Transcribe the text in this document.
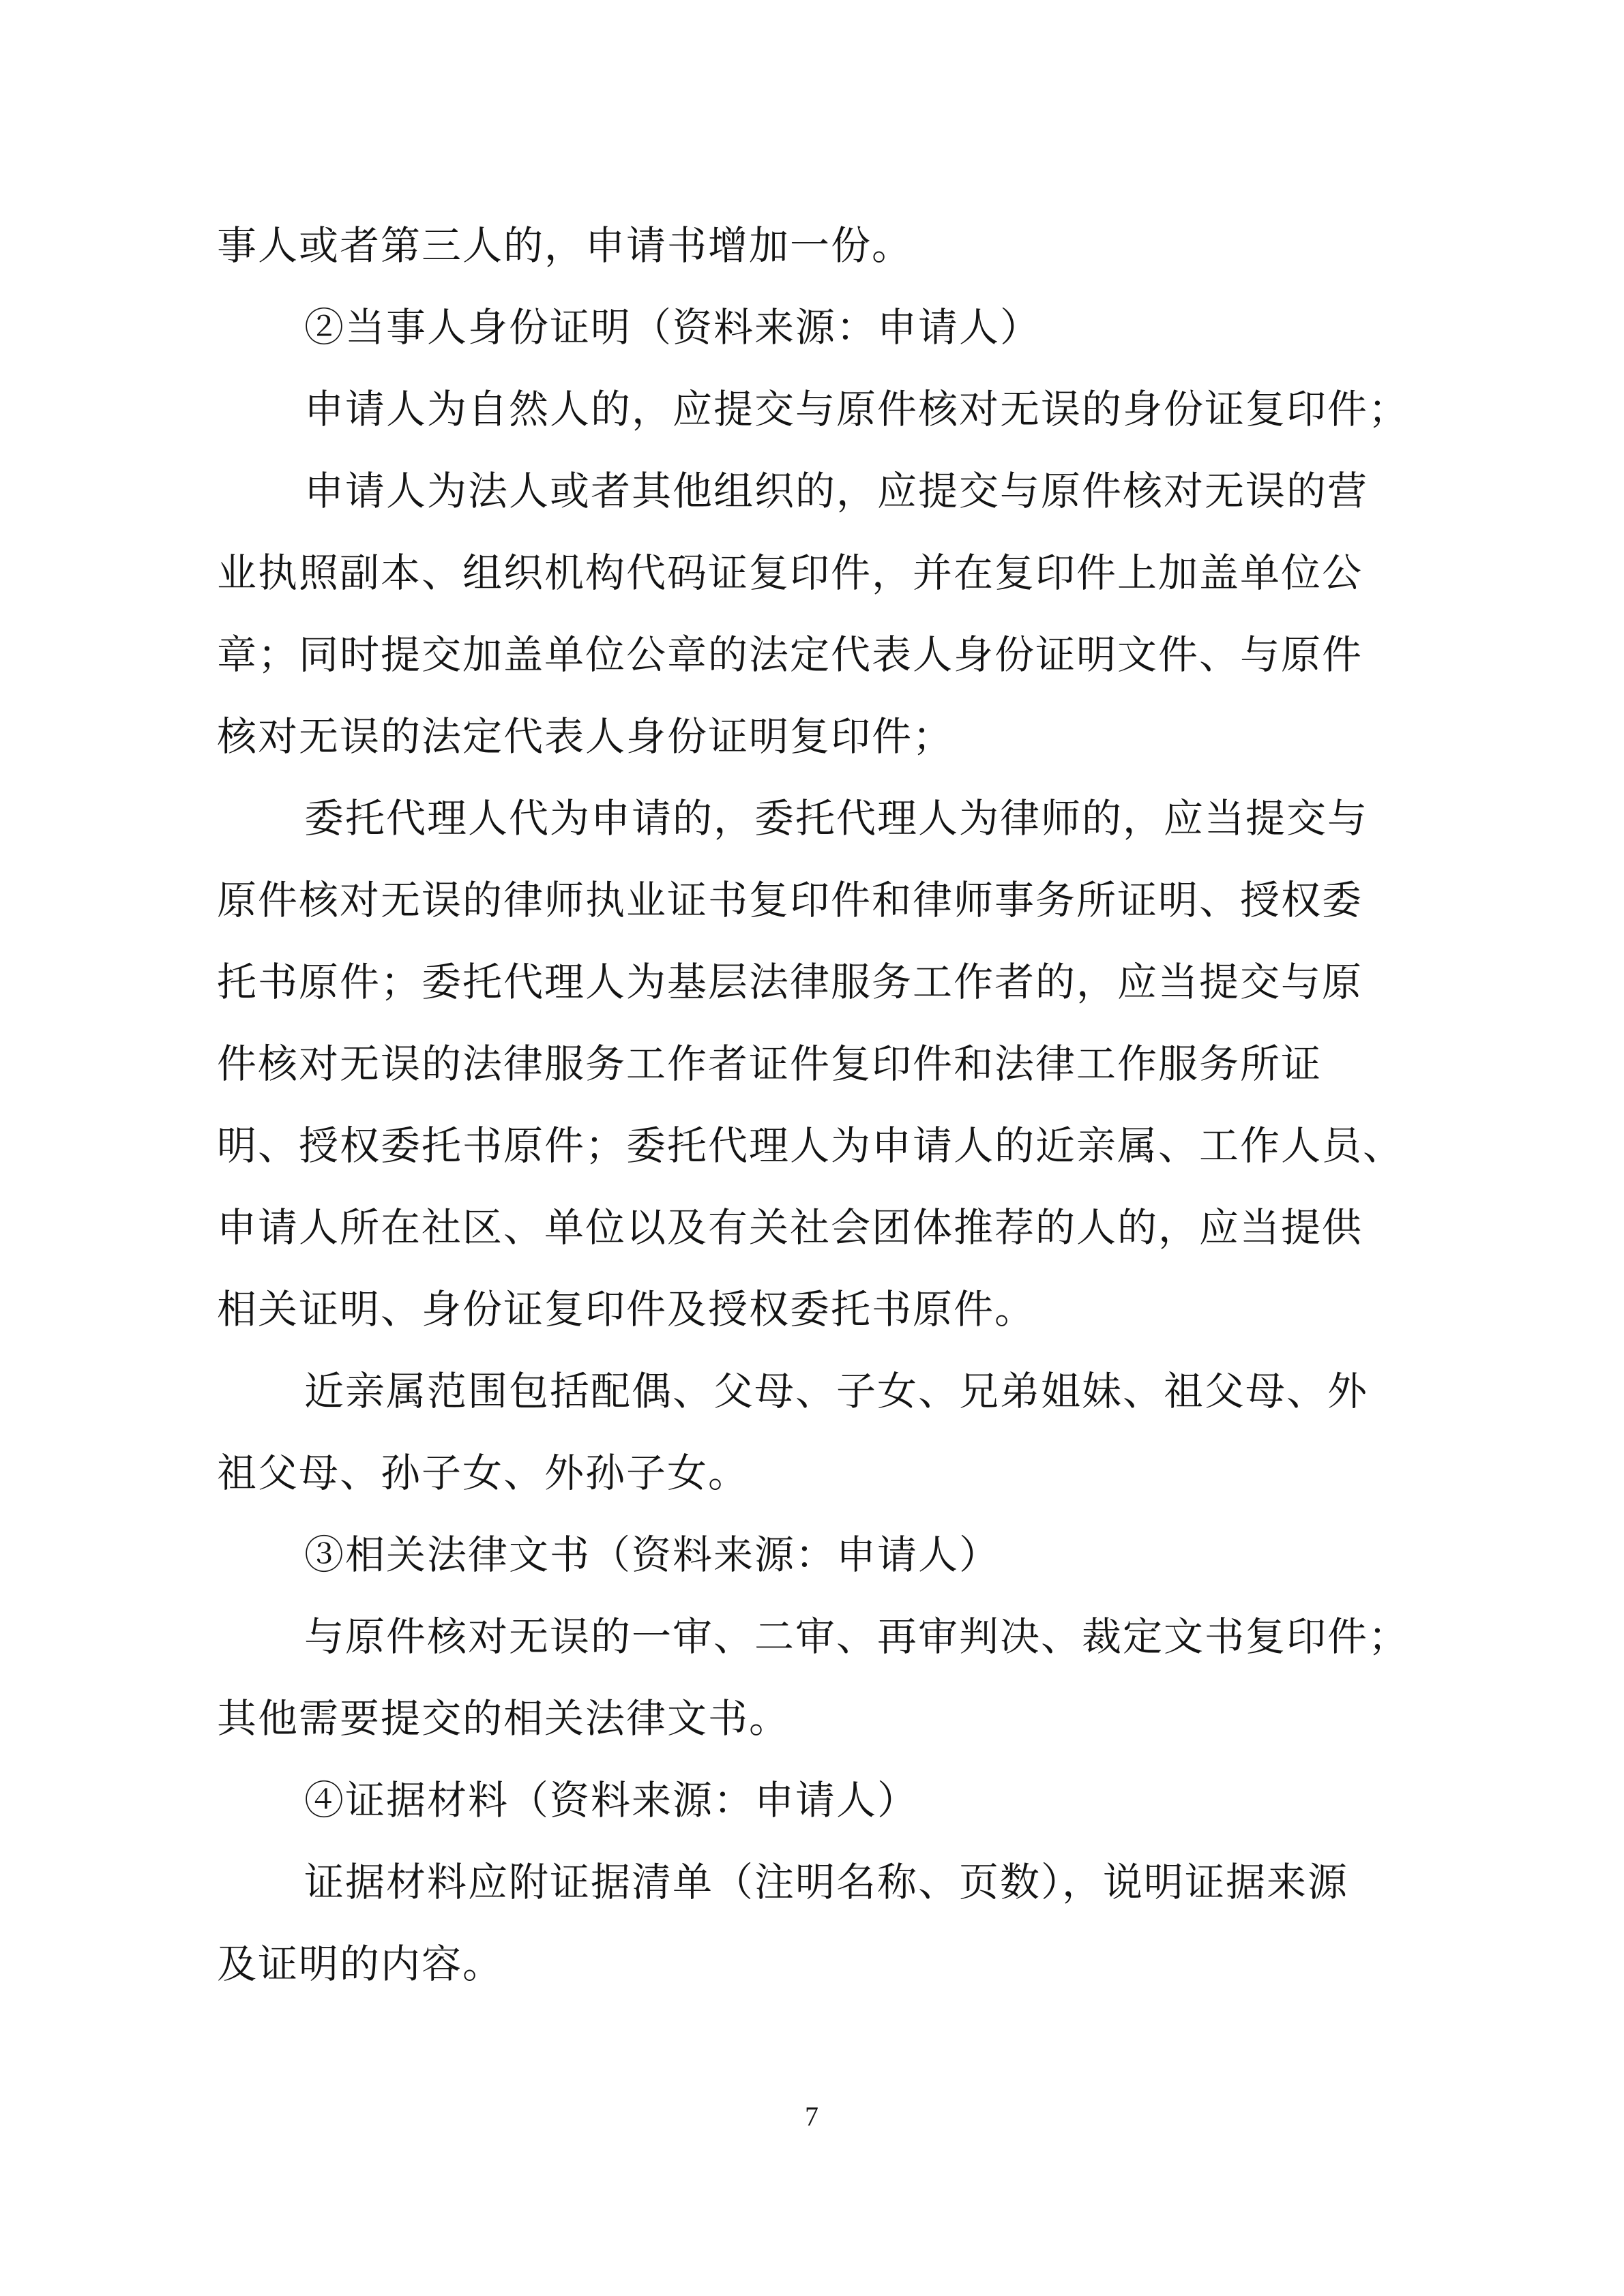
事人或者第三人的，申请书增加一份。
②当事人身份证明（资料来源：申请人）
申请人为自然人的，应提交与原件核对无误的身份证复印件；
申请人为法人或者其他组织的，应提交与原件核对无误的营
业执照副本、组织机构代码证复印件，并在复印件上加盖单位公
章；同时提交加盖单位公章的法定代表人身份证明文件、与原件
核对无误的法定代表人身份证明复印件；
委托代理人代为申请的，委托代理人为律师的，应当提交与
原件核对无误的律师执业证书复印件和律师事务所证明、授权委
托书原件；委托代理人为基层法律服务工作者的，应当提交与原
件核对无误的法律服务工作者证件复印件和法律工作服务所证
明、授权委托书原件；委托代理人为申请人的近亲属、工作人员、
申请人所在社区、单位以及有关社会团体推荐的人的，应当提供
相关证明、身份证复印件及授权委托书原件。
近亲属范围包括配偶、父母、子女、兄弟姐妹、祖父母、外
祖父母、孙子女、外孙子女。
③相关法律文书（资料来源：申请人）
与原件核对无误的一审、二审、再审判决、裁定文书复印件；
其他需要提交的相关法律文书。
④证据材料（资料来源：申请人）
证据材料应附证据清单（注明名称、页数），说明证据来源
及证明的内容。
7
